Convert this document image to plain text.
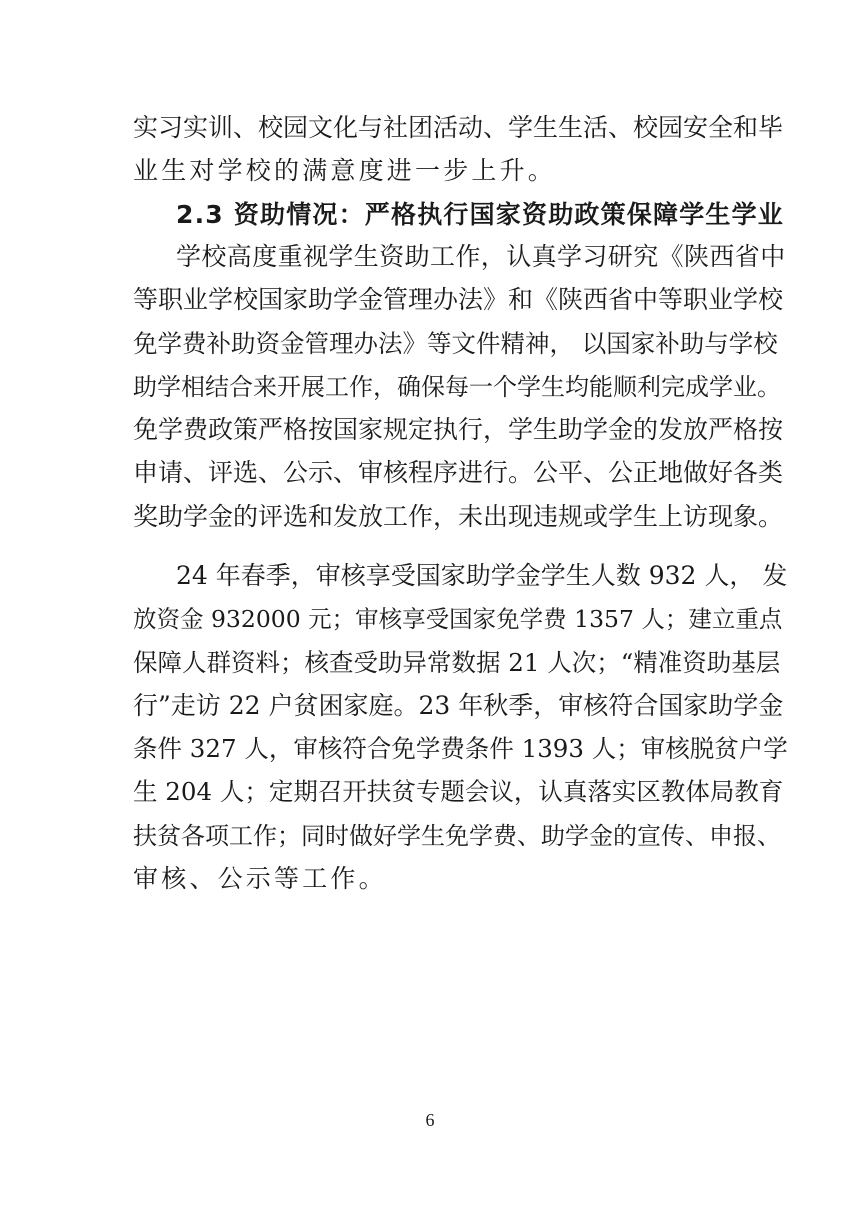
实习实训、校园文化与社团活动、学生生活、校园安全和毕
业生对学校的满意度进一步上升。
2.3 资助情况：严格执行国家资助政策保障学生学业
学校高度重视学生资助工作，认真学习研究《陕西省中
等职业学校国家助学金管理办法》和《陕西省中等职业学校
免学费补助资金管理办法》等文件精神， 以国家补助与学校
助学相结合来开展工作，确保每一个学生均能顺利完成学业。
免学费政策严格按国家规定执行，学生助学金的发放严格按
申请、评选、公示、审核程序进行。公平、公正地做好各类
奖助学金的评选和发放工作，未出现违规或学生上访现象。
24 年春季，审核享受国家助学金学生人数 932 人， 发
放资金 932000 元；审核享受国家免学费 1357 人；建立重点
保障人群资料；核查受助异常数据 21 人次；“精准资助基层
行”走访 22 户贫困家庭。23 年秋季，审核符合国家助学金
条件 327 人，审核符合免学费条件 1393 人；审核脱贫户学
生 204 人；定期召开扶贫专题会议，认真落实区教体局教育
扶贫各项工作；同时做好学生免学费、助学金的宣传、申报、
审核、公示等工作。
6
